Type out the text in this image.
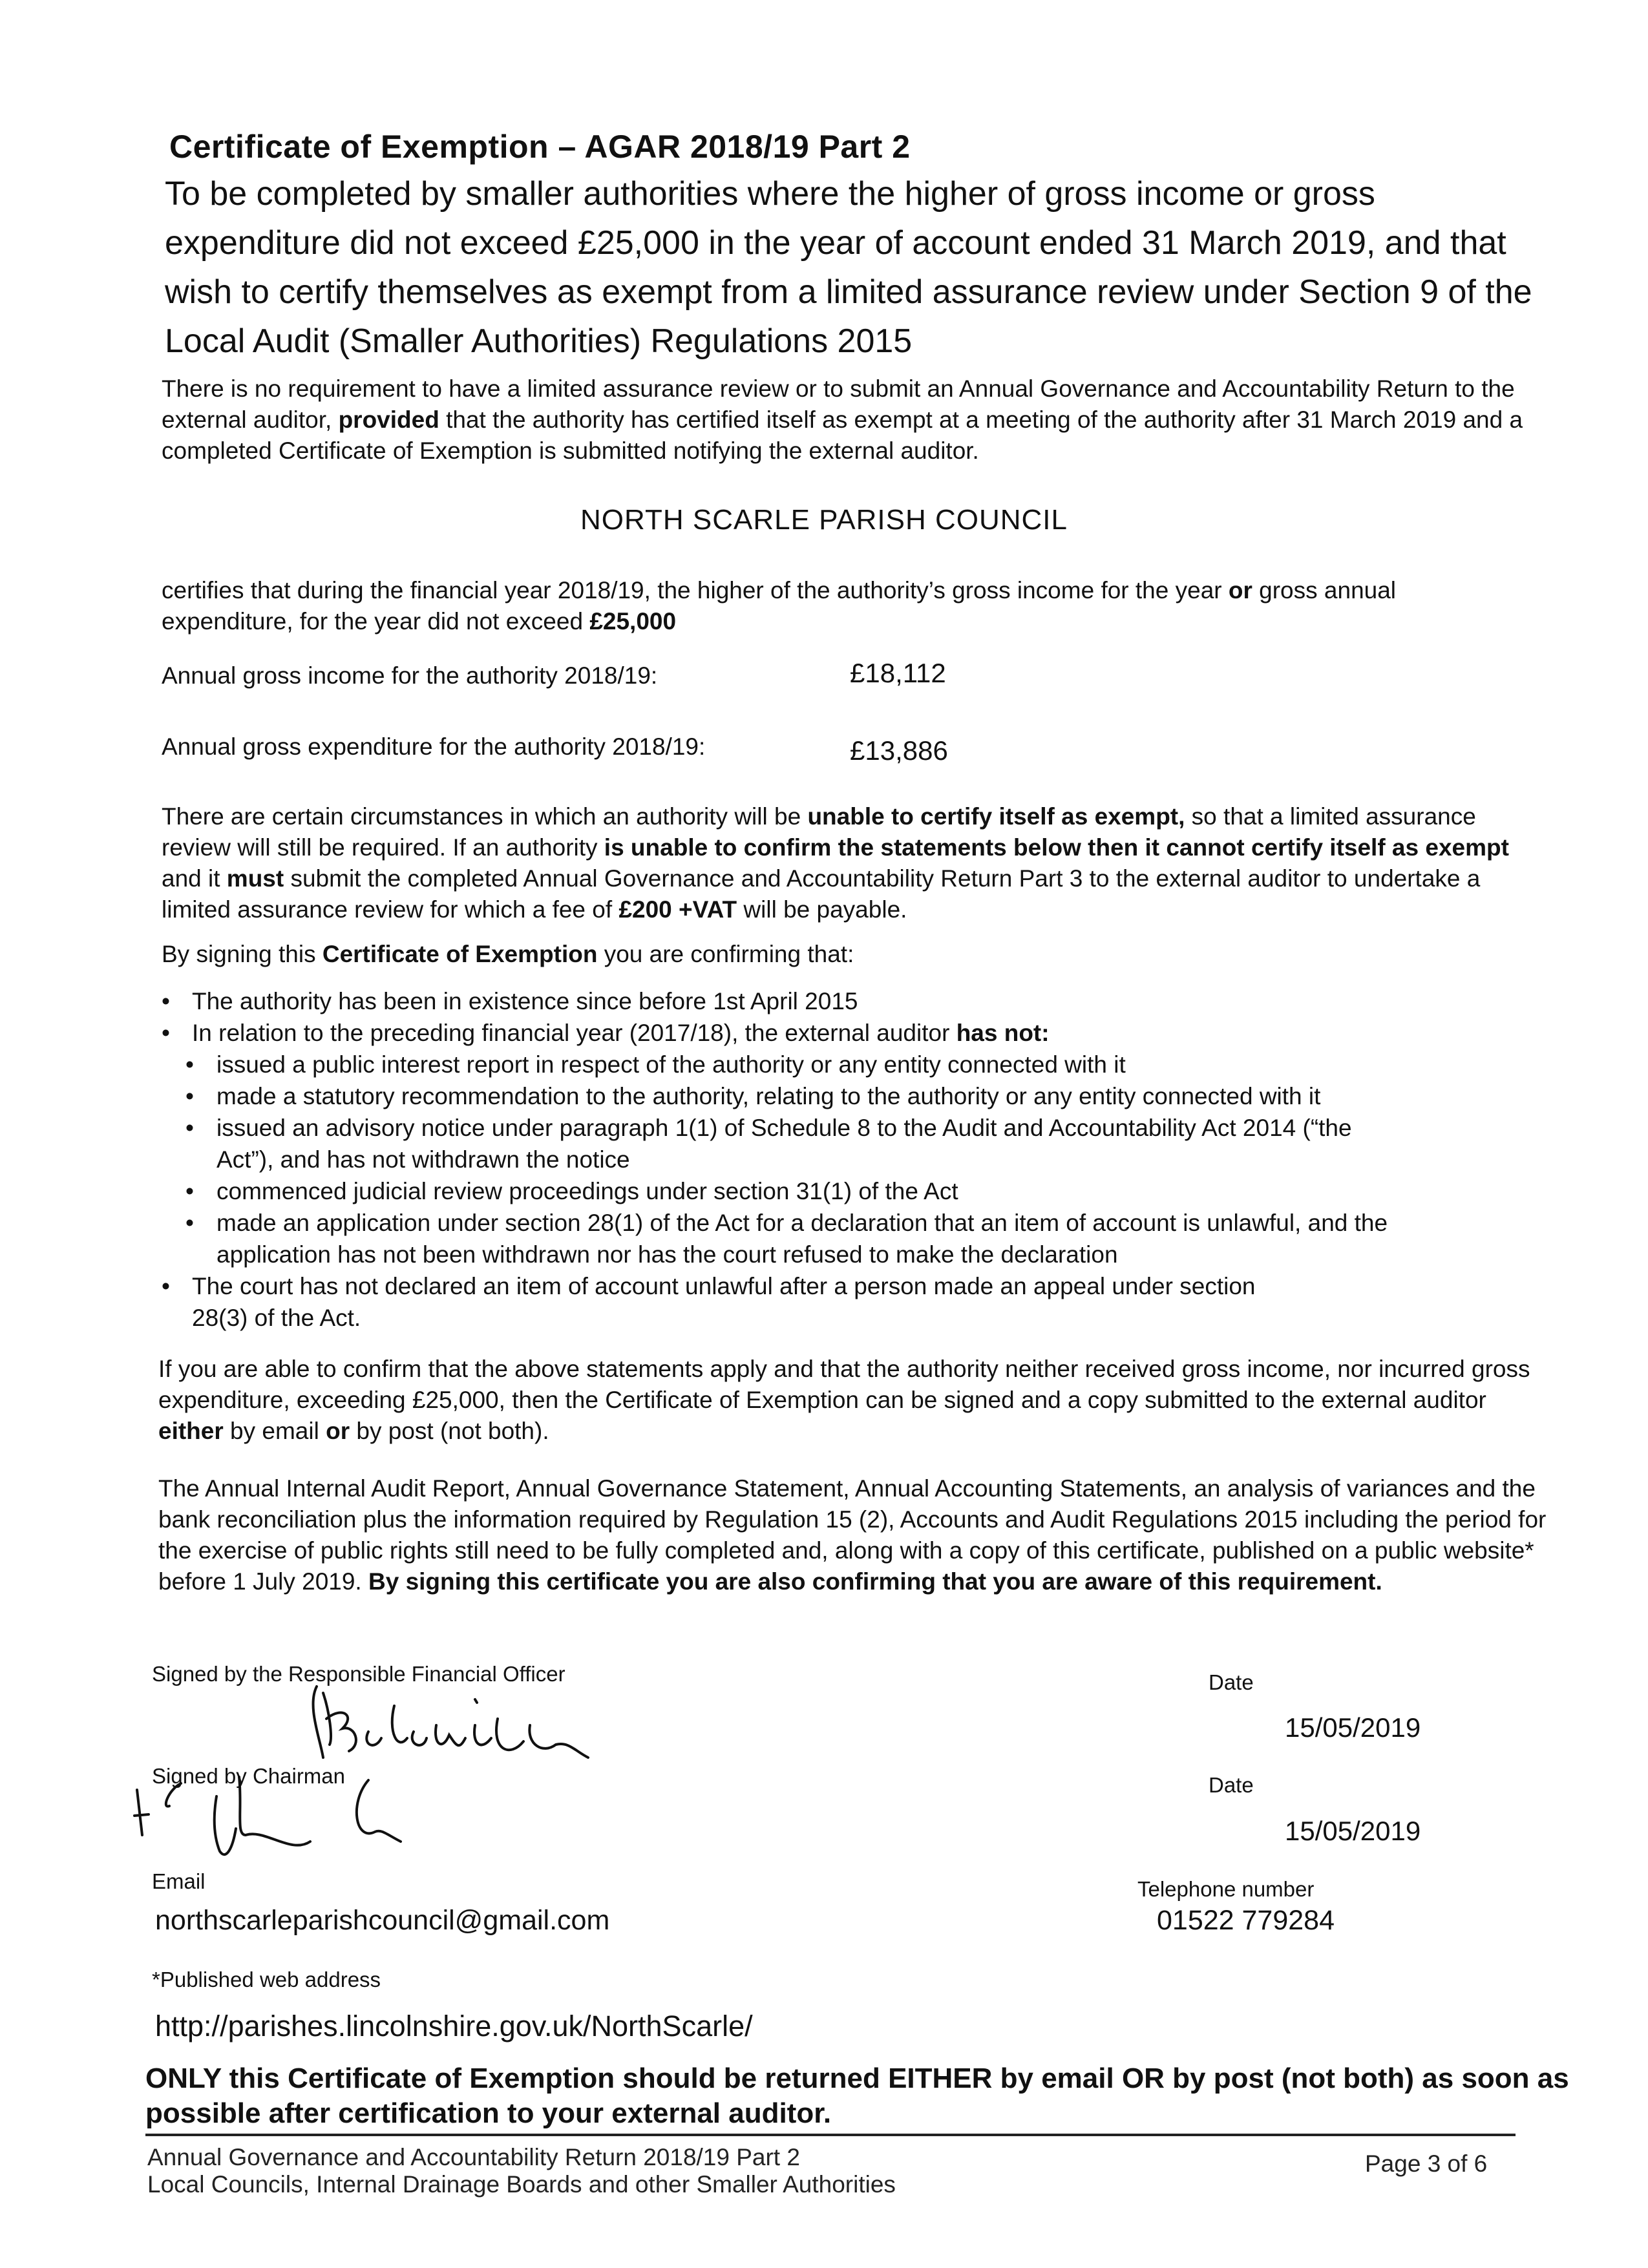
Certificate of Exemption – AGAR 2018/19 Part 2
To be completed by smaller authorities where the higher of gross income or gross expenditure did not exceed £25,000 in the year of account ended 31 March 2019, and that wish to certify themselves as exempt from a limited assurance review under Section 9 of the Local Audit (Smaller Authorities) Regulations 2015
There is no requirement to have a limited assurance review or to submit an Annual Governance and Accountability Return to the external auditor, provided that the authority has certified itself as exempt at a meeting of the authority after 31 March 2019 and a completed Certificate of Exemption is submitted notifying the external auditor.
NORTH SCARLE PARISH COUNCIL
certifies that during the financial year 2018/19, the higher of the authority’s gross income for the year or gross annual expenditure, for the year did not exceed £25,000
Annual gross income for the authority 2018/19:	£18,112
Annual gross expenditure for the authority 2018/19:	£13,886
There are certain circumstances in which an authority will be unable to certify itself as exempt, so that a limited assurance review will still be required. If an authority is unable to confirm the statements below then it cannot certify itself as exempt and it must submit the completed Annual Governance and Accountability Return Part 3 to the external auditor to undertake a limited assurance review for which a fee of £200 +VAT will be payable.
By signing this Certificate of Exemption you are confirming that:
• The authority has been in existence since before 1st April 2015
• In relation to the preceding financial year (2017/18), the external auditor has not:
• issued a public interest report in respect of the authority or any entity connected with it
• made a statutory recommendation to the authority, relating to the authority or any entity connected with it
• issued an advisory notice under paragraph 1(1) of Schedule 8 to the Audit and Accountability Act 2014 (“the Act”), and has not withdrawn the notice
• commenced judicial review proceedings under section 31(1) of the Act
• made an application under section 28(1) of the Act for a declaration that an item of account is unlawful, and the application has not been withdrawn nor has the court refused to make the declaration
• The court has not declared an item of account unlawful after a person made an appeal under section 28(3) of the Act.
If you are able to confirm that the above statements apply and that the authority neither received gross income, nor incurred gross expenditure, exceeding £25,000, then the Certificate of Exemption can be signed and a copy submitted to the external auditor either by email or by post (not both).
The Annual Internal Audit Report, Annual Governance Statement, Annual Accounting Statements, an analysis of variances and the bank reconciliation plus the information required by Regulation 15 (2), Accounts and Audit Regulations 2015 including the period for the exercise of public rights still need to be fully completed and, along with a copy of this certificate, published on a public website* before 1 July 2019. By signing this certificate you are also confirming that you are aware of this requirement.
Signed by the Responsible Financial Officer	Date
15/05/2019
Signed by Chairman	Date
15/05/2019
Email	Telephone number
northscarleparishcouncil@gmail.com	01522 779284
*Published web address
http://parishes.lincolnshire.gov.uk/NorthScarle/
ONLY this Certificate of Exemption should be returned EITHER by email OR by post (not both) as soon as possible after certification to your external auditor.
Annual Governance and Accountability Return 2018/19 Part 2
Local Councils, Internal Drainage Boards and other Smaller Authorities
Page 3 of 6
